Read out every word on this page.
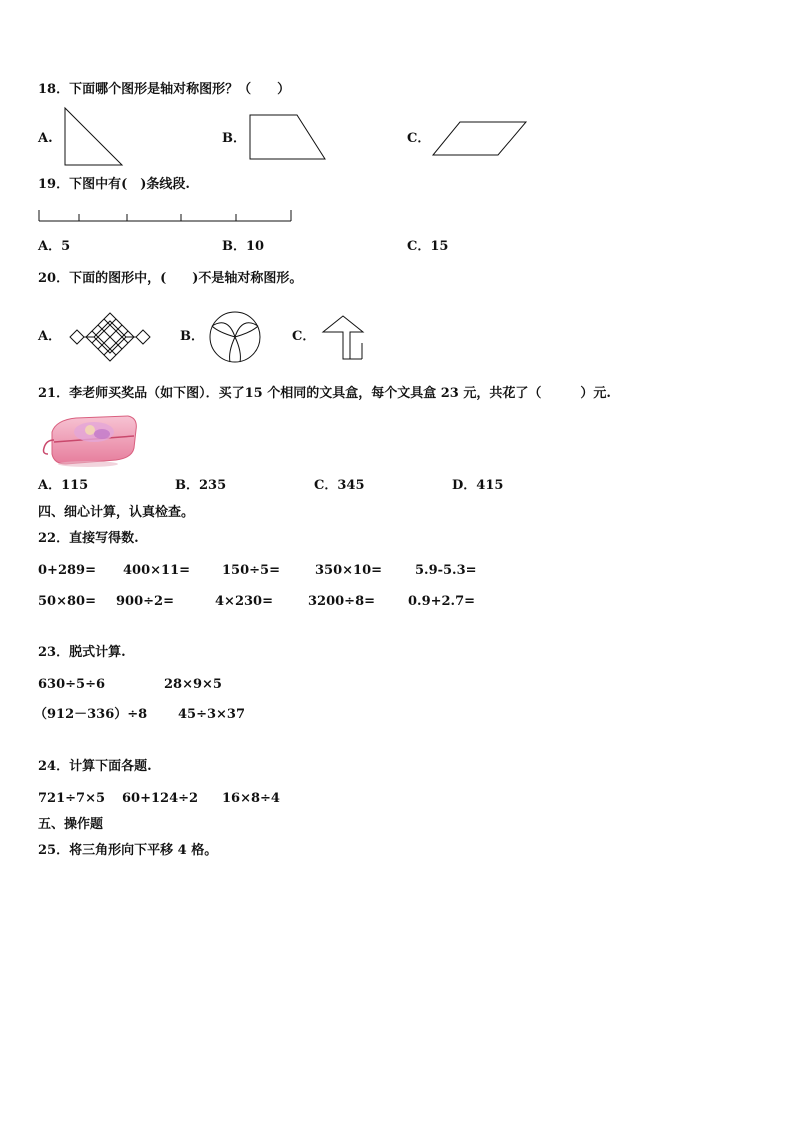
18．下面哪个图形是轴对称图形？（　　）
A.	B．	C．
19．下图中有(　)条线段.
A．5	B．10	C．15
20．下面的图形中，(　　)不是轴对称图形。
A．	B．	C．
21．李老师买奖品（如下图）．买了15 个相同的文具盒，每个文具盒 23 元，共花了（　　　）元.
A．115	B．235	C．345	D．415
四、细心计算，认真检查。
22．直接写得数.
0+289= 400×11= 150÷5=	350×10=	5.9-5.3=
50×80= 900÷2=	4×230=	3200÷8=	0.9+2.7=
23．脱式计算.
630÷5÷6	28×9×5
（912－336）÷8 45÷3×37
24．计算下面各题.
721÷7×5 60+124÷2 16×8÷4
五、操作题
25．将三角形向下平移 4 格。
